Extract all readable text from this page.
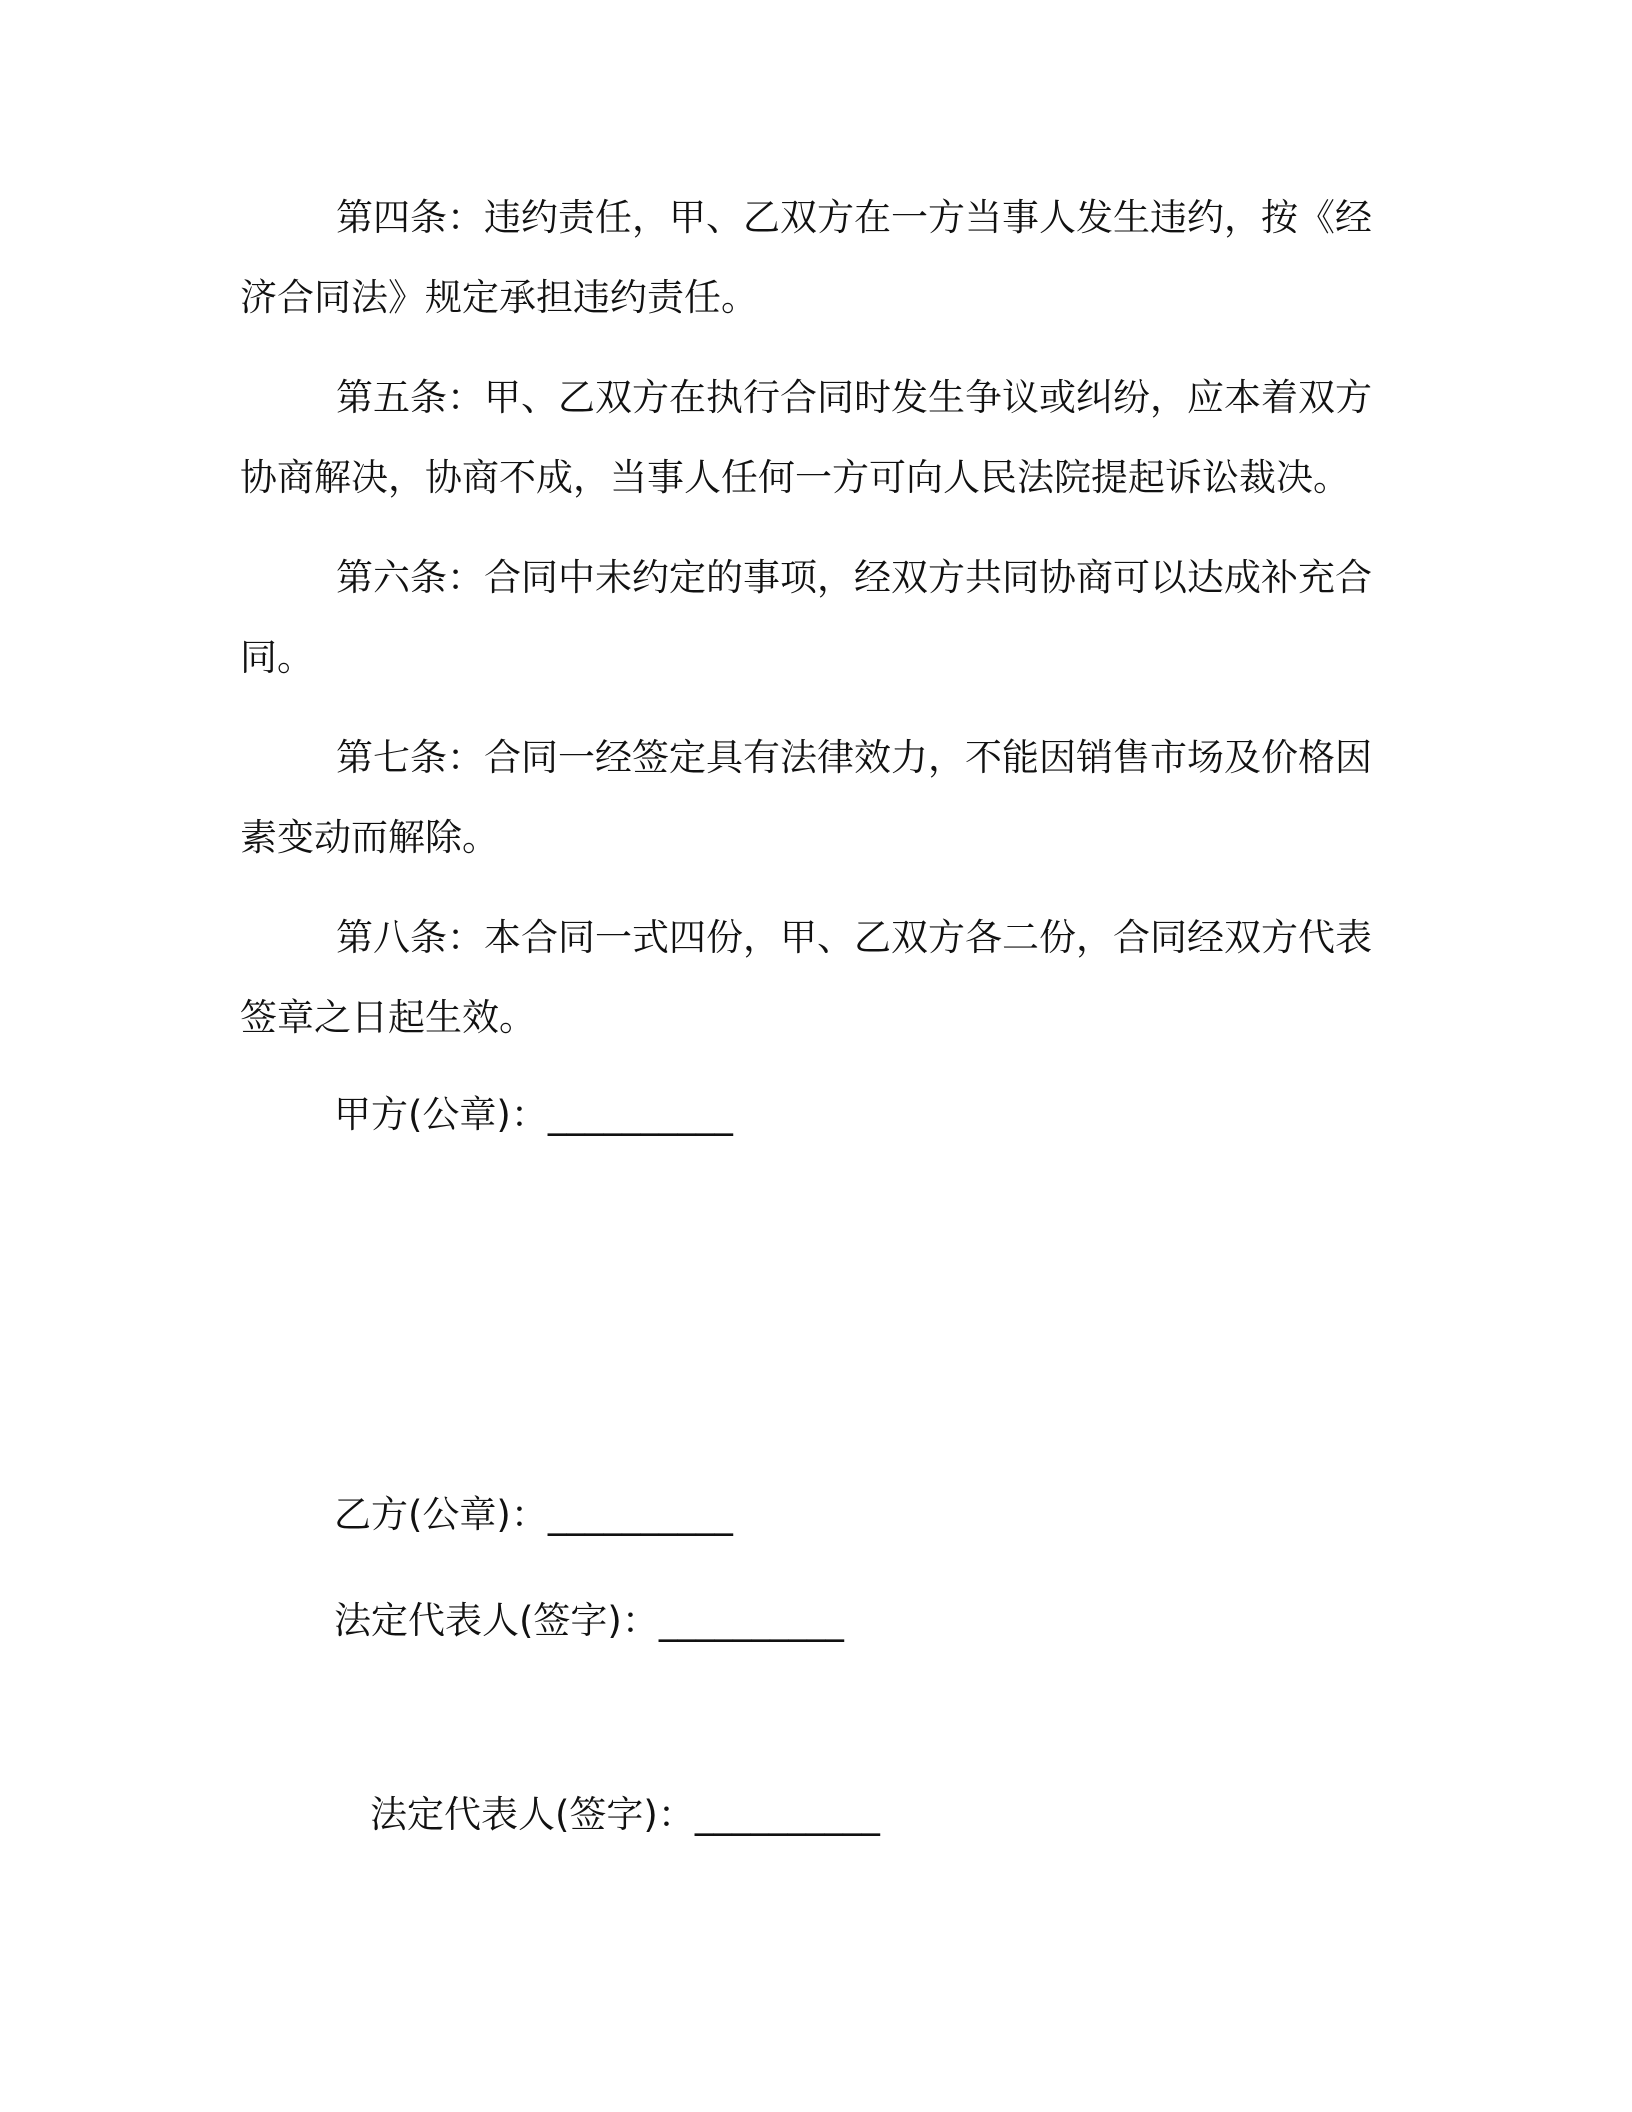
第四条：违约责任，甲、乙双方在一方当事人发生违约，按《经济合同法》规定承担违约责任。

第五条：甲、乙双方在执行合同时发生争议或纠纷，应本着双方协商解决，协商不成，当事人任何一方可向人民法院提起诉讼裁决。

第六条：合同中未约定的事项，经双方共同协商可以达成补充合同。

第七条：合同一经签定具有法律效力，不能因销售市场及价格因素变动而解除。

第八条：本合同一式四份，甲、乙双方各二份，合同经双方代表签章之日起生效。

甲方(公章)：__________

乙方(公章)：__________

法定代表人(签字)：__________

法定代表人(签字)：__________
